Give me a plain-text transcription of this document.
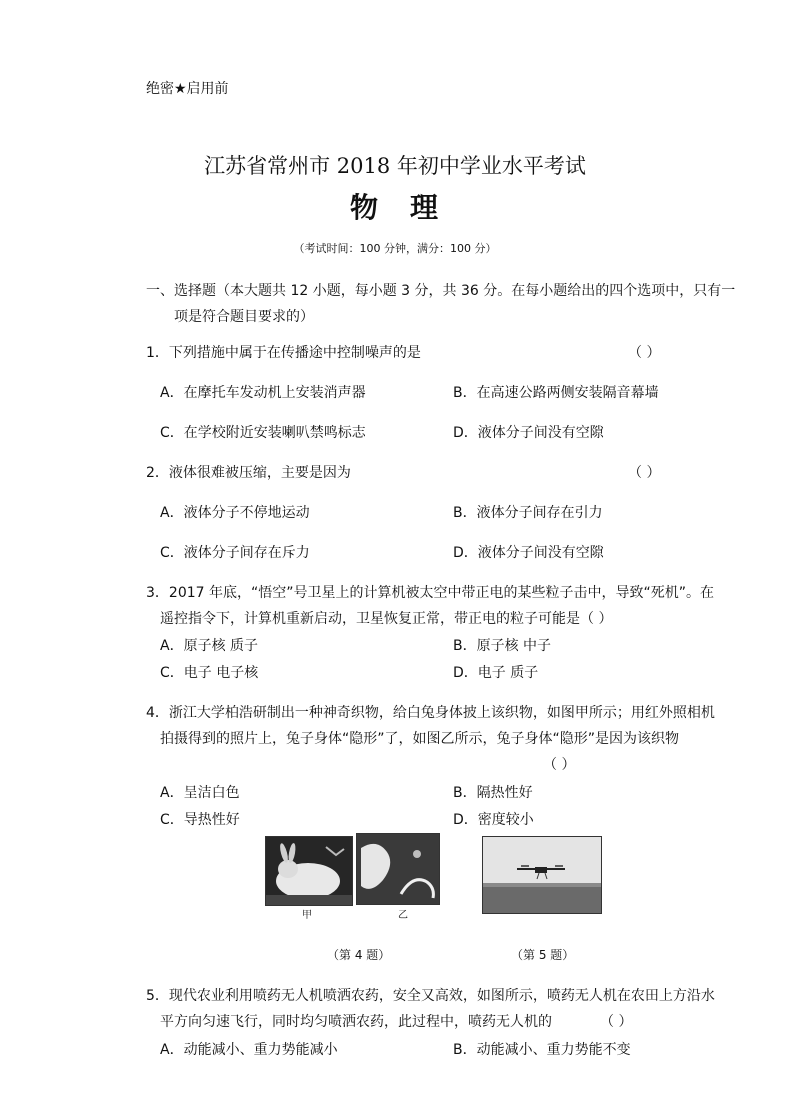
绝密★启用前
江苏省常州市 2018 年初中学业水平考试
物 理
（考试时间：100 分钟，满分：100 分）
一、选择题（本大题共 12 小题，每小题 3 分，共 36 分。在每小题给出的四个选项中，只有一
项是符合题目要求的）
1．下列措施中属于在传播途中控制噪声的是	（ ）
A．在摩托车发动机上安装消声器	B．在高速公路两侧安装隔音幕墙
C．在学校附近安装喇叭禁鸣标志	D．液体分子间没有空隙
2．液体很难被压缩，主要是因为	（ ）
A．液体分子不停地运动	B．液体分子间存在引力
C．液体分子间存在斥力	D．液体分子间没有空隙
3．2017 年底，“悟空”号卫星上的计算机被太空中带正电的某些粒子击中，导致“死机”。在
遥控指令下，计算机重新启动，卫星恢复正常，带正电的粒子可能是（ ）
A．原子核 质子	B．原子核 中子
C．电子 电子核	D．电子 质子
4．浙江大学柏浩研制出一种神奇织物，给白兔身体披上该织物，如图甲所示；用红外照相机
拍摄得到的照片上，兔子身体“隐形”了，如图乙所示，兔子身体“隐形”是因为该织物
（ ）
A．呈洁白色	B．隔热性好
C．导热性好	D．密度较小
甲	乙
（第 4 题）	（第 5 题）
5．现代农业利用喷药无人机喷洒农药，安全又高效，如图所示，喷药无人机在农田上方沿水
平方向匀速飞行，同时均匀喷洒农药，此过程中，喷药无人机的	（ ）
A．动能减小、重力势能减小	B．动能减小、重力势能不变
